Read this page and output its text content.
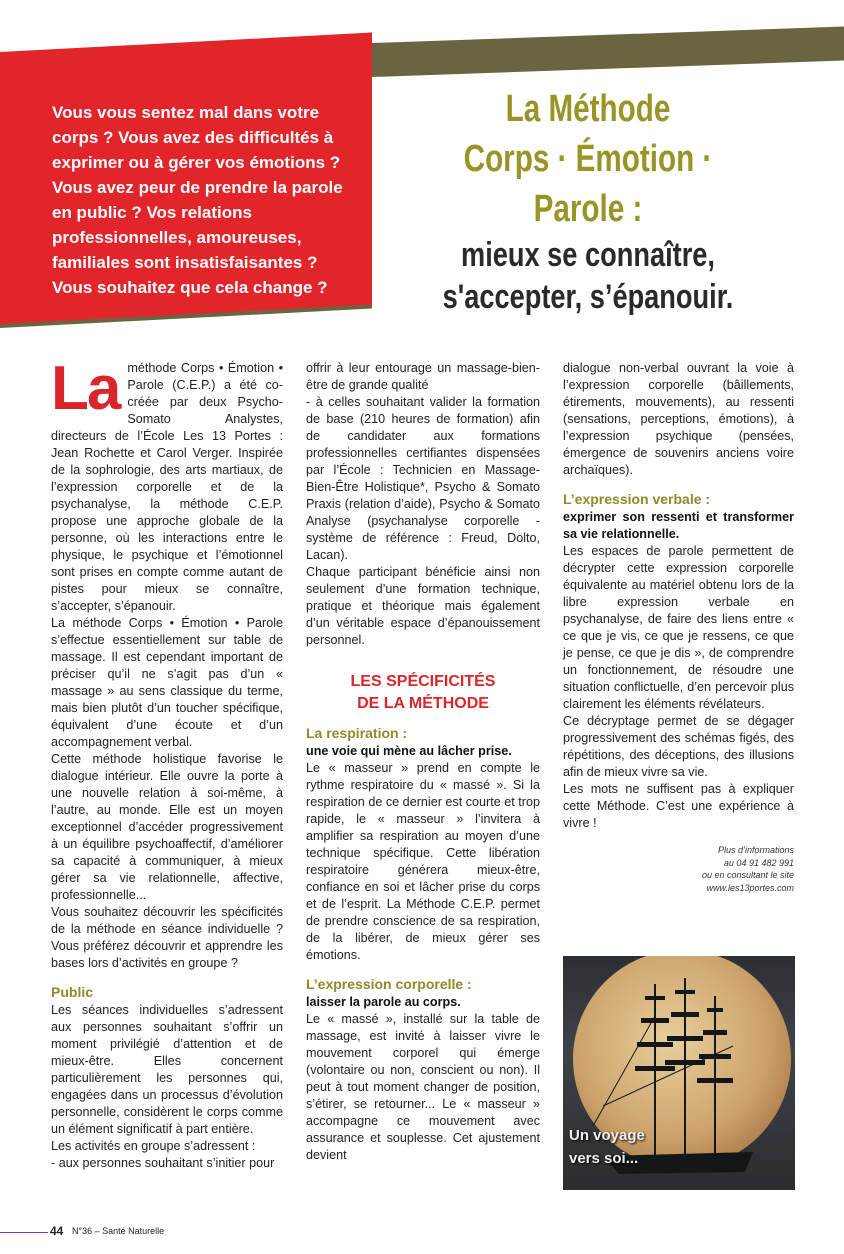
Vous vous sentez mal dans votre corps ? Vous avez des difficultés à exprimer ou à gérer vos émotions ? Vous avez peur de prendre la parole en public ? Vos relations professionnelles, amoureuses, familiales sont insatisfaisantes ? Vous souhaitez que cela change ?

La Méthode
Corps · Émotion · Parole :
mieux se connaître,
s'accepter, s’épanouir.

La méthode Corps • Émotion • Parole (C.E.P.) a été co-créée par deux Psycho-Somato Analystes, directeurs de l’École Les 13 Portes : Jean Rochette et Carol Verger. Inspirée de la sophrologie, des arts martiaux, de l’expression corporelle et de la psychanalyse, la méthode C.E.P. propose une approche globale de la personne, où les interactions entre le physique, le psychique et l’émotionnel sont prises en compte comme autant de pistes pour mieux se connaître, s’accepter, s’épanouir.

La méthode Corps • Émotion • Parole s’effectue essentiellement sur table de massage. Il est cependant important de préciser qu’il ne s’agit pas d’un « massage » au sens classique du terme, mais bien plutôt d’un toucher spécifique, équivalent d’une écoute et d’un accompagnement verbal.

Cette méthode holistique favorise le dialogue intérieur. Elle ouvre la porte à une nouvelle relation à soi-même, à l’autre, au monde. Elle est un moyen exceptionnel d’accéder progressivement à un équilibre psychoaffectif, d’améliorer sa capacité à communiquer, à mieux gérer sa vie relationnelle, affective, professionnelle...

Vous souhaitez découvrir les spécificités de la méthode en séance individuelle ? Vous préférez découvrir et apprendre les bases lors d’activités en groupe ?

Public

Les séances individuelles s’adressent aux personnes souhaitant s’offrir un moment privilégié d’attention et de mieux-être. Elles concernent particulièrement les personnes qui, engagées dans un processus d’évolution personnelle, considèrent le corps comme un élément significatif à part entière.

Les activités en groupe s’adressent :

- aux personnes souhaitant s’initier pour

offrir à leur entourage un massage-bien-être de grande qualité

- à celles souhaitant valider la formation de base (210 heures de formation) afin de candidater aux formations professionnelles certifiantes dispensées par l’École : Technicien en Massage-Bien-Être Holistique*, Psycho & Somato Praxis (relation d’aide), Psycho & Somato Analyse (psychanalyse corporelle - système de référence : Freud, Dolto, Lacan).

Chaque participant bénéficie ainsi non seulement d’une formation technique, pratique et théorique mais également d’un véritable espace d’épanouissement personnel.

LES SPÉCIFICITÉS
DE LA MÉTHODE

La respiration :

une voie qui mène au lâcher prise.

Le « masseur » prend en compte le rythme respiratoire du « massé ». Si la respiration de ce dernier est courte et trop rapide, le « masseur » l’invitera à amplifier sa respiration au moyen d’une technique spécifique. Cette libération respiratoire générera mieux-être, confiance en soi et lâcher prise du corps et de l’esprit. La Méthode C.E.P. permet de prendre conscience de sa respiration, de la libérer, de mieux gérer ses émotions.

L’expression corporelle :

laisser la parole au corps.

Le « massé », installé sur la table de massage, est invité à laisser vivre le mouvement corporel qui émerge (volontaire ou non, conscient ou non). Il peut à tout moment changer de position, s’étirer, se retourner... Le « masseur » accompagne ce mouvement avec assurance et souplesse. Cet ajustement devient

dialogue non-verbal ouvrant la voie à l’expression corporelle (bâillements, étirements, mouvements), au ressenti (sensations, perceptions, émotions), à l’expression psychique (pensées, émergence de souvenirs anciens voire archaïques).

L’expression verbale :

exprimer son ressenti et transformer sa vie relationnelle.

Les espaces de parole permettent de décrypter cette expression corporelle équivalente au matériel obtenu lors de la libre expression verbale en psychanalyse, de faire des liens entre « ce que je vis, ce que je ressens, ce que je pense, ce que je dis », de comprendre un fonctionnement, de résoudre une situation conflictuelle, d’en percevoir plus clairement les éléments révélateurs.

Ce décryptage permet de se dégager progressivement des schémas figés, des répétitions, des déceptions, des illusions afin de mieux vivre sa vie.

Les mots ne suffisent pas à expliquer cette Méthode. C’est une expérience à vivre !

Plus d’informations
au 04 91 482 991
ou en consultant le site
www.les13portes.com

Un voyage
vers soi...

44 N°36 – Santé Naturelle
